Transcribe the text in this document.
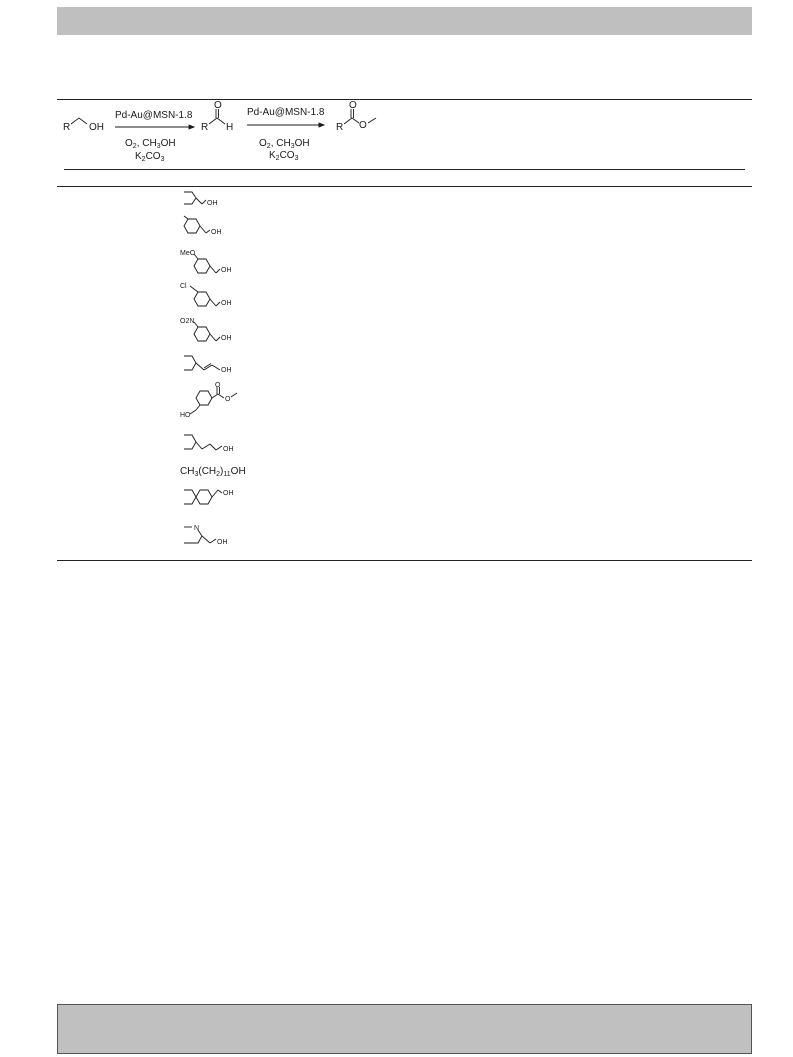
R OH
Pd-Au@MSN-1.8
$O_2$, $CH_3OH$
$K_2CO_3$
R
O
H
Pd-Au@MSN-1.8
$O_2$, $CH_3OH$
$K_2CO_3$
R
O
O
OH
OH
MeO
OH
Cl
OH
O2N
OH
OH
HO
O
O
OH
$CH_3(CH_2)_{11}OH$
OH
N
OH
